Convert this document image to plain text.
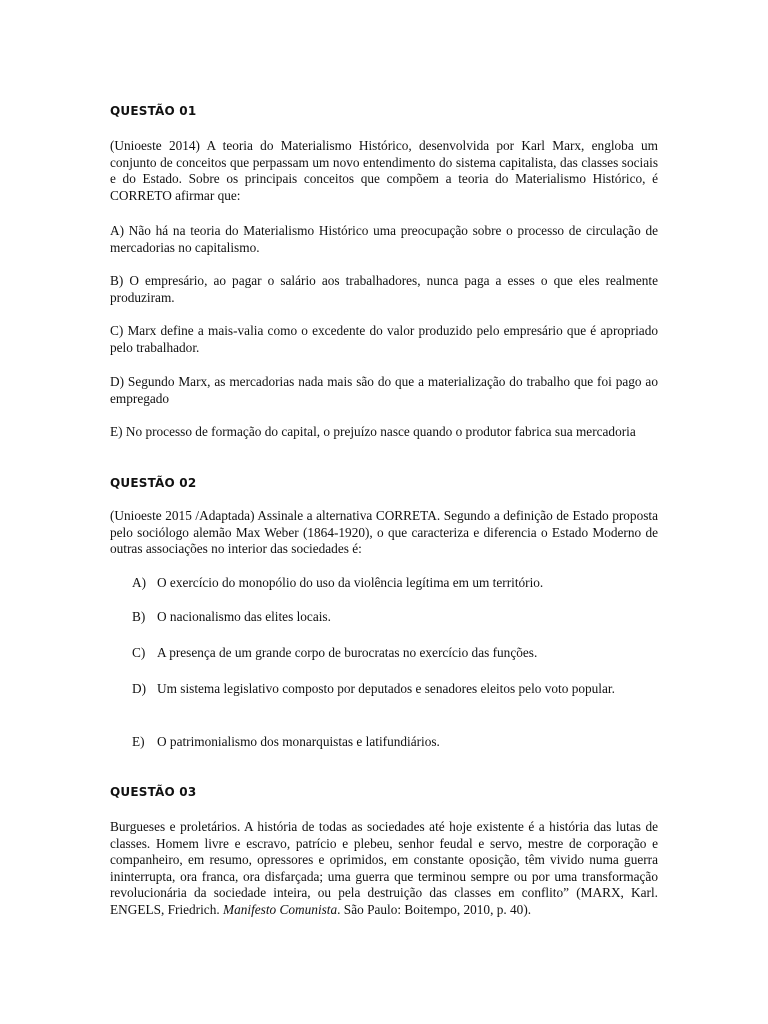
QUESTÃO 01

(Unioeste 2014) A teoria do Materialismo Histórico, desenvolvida por Karl Marx, engloba um conjunto de conceitos que perpassam um novo entendimento do sistema capitalista, das classes sociais e do Estado. Sobre os principais conceitos que compõem a teoria do Materialismo Histórico, é CORRETO afirmar que:

A) Não há na teoria do Materialismo Histórico uma preocupação sobre o processo de circulação de mercadorias no capitalismo.

B) O empresário, ao pagar o salário aos trabalhadores, nunca paga a esses o que eles realmente produziram.

C) Marx define a mais-valia como o excedente do valor produzido pelo empresário que é apropriado pelo trabalhador.

D) Segundo Marx, as mercadorias nada mais são do que a materialização do trabalho que foi pago ao empregado

E) No processo de formação do capital, o prejuízo nasce quando o produtor fabrica sua mercadoria

QUESTÃO 02

(Unioeste 2015 /Adaptada) Assinale a alternativa CORRETA. Segundo a definição de Estado proposta pelo sociólogo alemão Max Weber (1864-1920), o que caracteriza e diferencia o Estado Moderno de outras associações no interior das sociedades é:

A) O exercício do monopólio do uso da violência legítima em um território.
B) O nacionalismo das elites locais.
C) A presença de um grande corpo de burocratas no exercício das funções.
D) Um sistema legislativo composto por deputados e senadores eleitos pelo voto popular.
E) O patrimonialismo dos monarquistas e latifundiários.

QUESTÃO 03

Burgueses e proletários. A história de todas as sociedades até hoje existente é a história das lutas de classes. Homem livre e escravo, patrício e plebeu, senhor feudal e servo, mestre de corporação e companheiro, em resumo, opressores e oprimidos, em constante oposição, têm vivido numa guerra ininterrupta, ora franca, ora disfarçada; uma guerra que terminou sempre ou por uma transformação revolucionária da sociedade inteira, ou pela destruição das classes em conflito” (MARX, Karl. ENGELS, Friedrich. Manifesto Comunista. São Paulo: Boitempo, 2010, p. 40).
